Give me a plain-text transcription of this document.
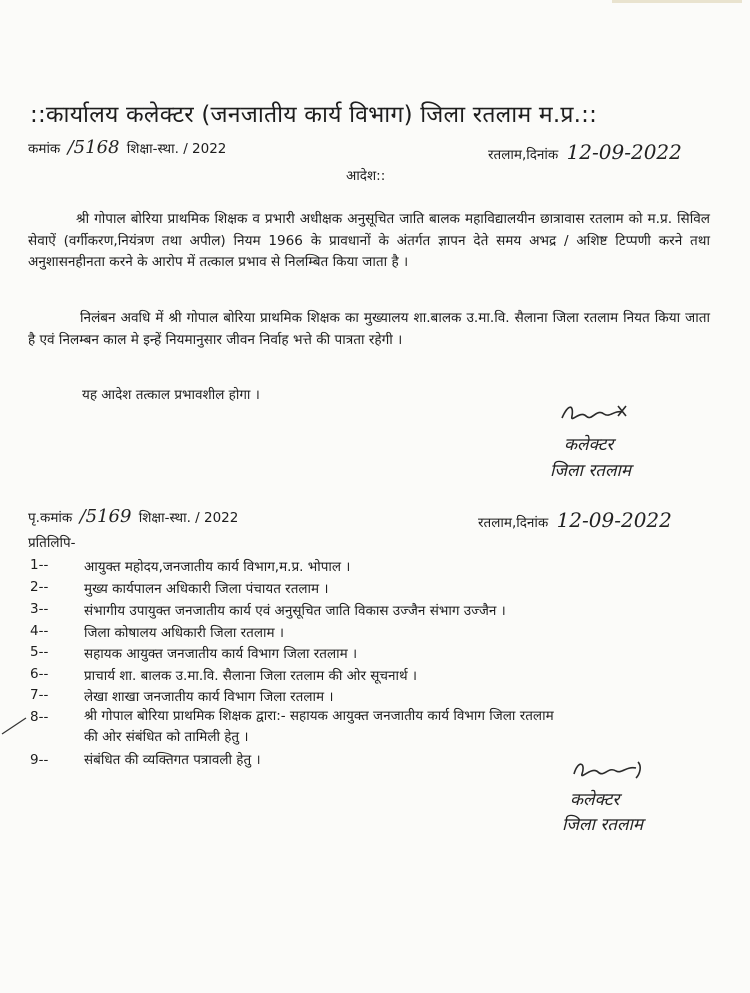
::कार्यालय कलेक्टर (जनजातीय कार्य विभाग) जिला रतलाम म.प्र.::
कमांक /5168 शिक्षा-स्था. / 2022	रतलाम,दिनांक 12-09-2022
आदेश::
श्री गोपाल बोरिया प्राथमिक शिक्षक व प्रभारी अधीक्षक अनुसूचित जाति बालक महाविद्यालयीन छात्रावास रतलाम को म.प्र. सिविल सेवाऐं (वर्गीकरण,नियंत्रण तथा अपील) नियम 1966 के प्रावधानों के अंतर्गत ज्ञापन देते समय अभद्र / अशिष्ट टिप्पणी करने तथा अनुशासनहीनता करने के आरोप में तत्काल प्रभाव से निलम्बित किया जाता है ।
निलंबन अवधि में श्री गोपाल बोरिया प्राथमिक शिक्षक का मुख्यालय शा.बालक उ.मा.वि. सैलाना जिला रतलाम नियत किया जाता है एवं निलम्बन काल मे इन्हें नियमानुसार जीवन निर्वाह भत्ते की पात्रता रहेगी ।
यह आदेश तत्काल प्रभावशील होगा ।
कलेक्टर
जिला रतलाम
पृ.कमांक /5169 शिक्षा-स्था. / 2022	रतलाम,दिनांक 12-09-2022
प्रतिलिपि-
1--	आयुक्त महोदय,जनजातीय कार्य विभाग,म.प्र. भोपाल ।
2--	मुख्य कार्यपालन अधिकारी जिला पंचायत रतलाम ।
3--	संभागीय उपायुक्त जनजातीय कार्य एवं अनुसूचित जाति विकास उज्जैन संभाग उज्जैन ।
4--	जिला कोषालय अधिकारी जिला रतलाम ।
5--	सहायक आयुक्त जनजातीय कार्य विभाग जिला रतलाम ।
6--	प्राचार्य शा. बालक उ.मा.वि. सैलाना जिला रतलाम की ओर सूचनार्थ ।
7--	लेखा शाखा जनजातीय कार्य विभाग जिला रतलाम ।
8--	श्री गोपाल बोरिया प्राथमिक शिक्षक द्वारा:- सहायक आयुक्त जनजातीय कार्य विभाग जिला रतलाम
की ओर संबंधित को तामिली हेतु ।
9--	संबंधित की व्यक्तिगत पत्रावली हेतु ।
कलेक्टर
जिला रतलाम
